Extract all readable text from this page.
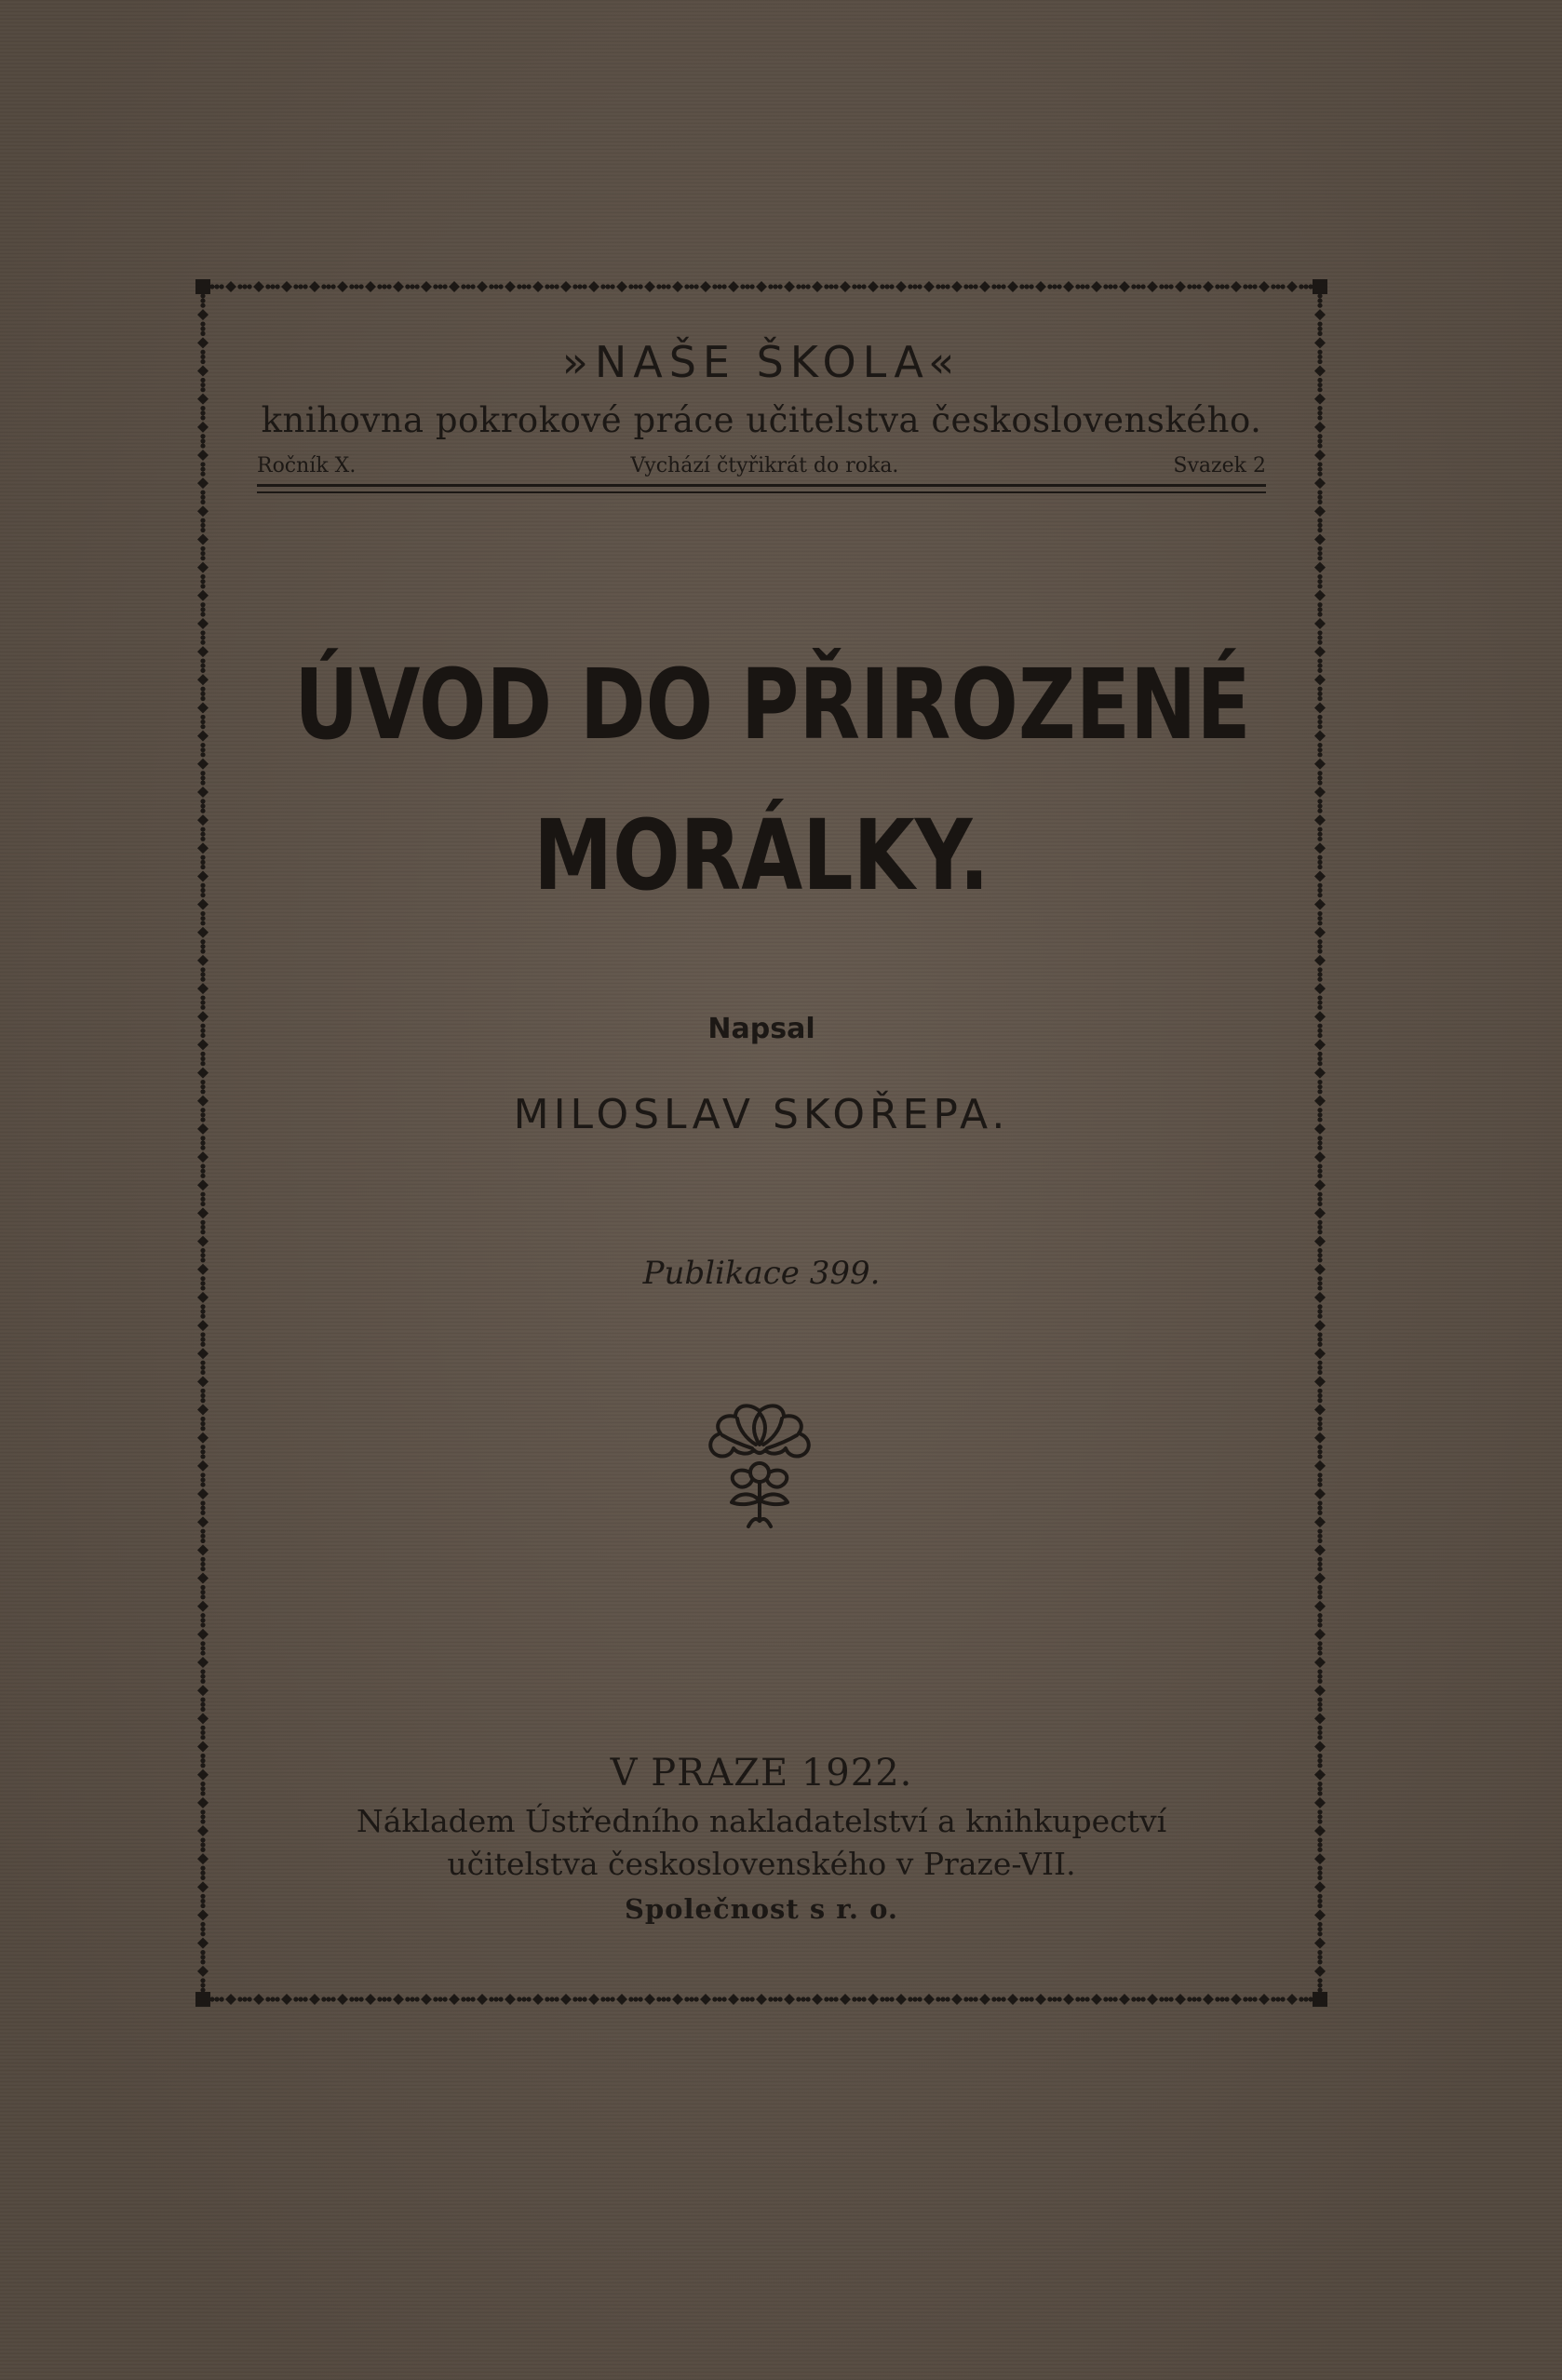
»NAŠE ŠKOLA«
knihovna pokrokové práce učitelstva československého.
Ročník X.	Vychází čtyřikrát do roka.	Svazek 2
ÚVOD DO PŘIROZENÉ
MORÁLKY.
Napsal
MILOSLAV SKOŘEPA.
Publikace 399.
V PRAZE 1922.
Nákladem Ústředního nakladatelství a knihkupectví
učitelstva československého v Praze-VII.
Společnost s r. o.
